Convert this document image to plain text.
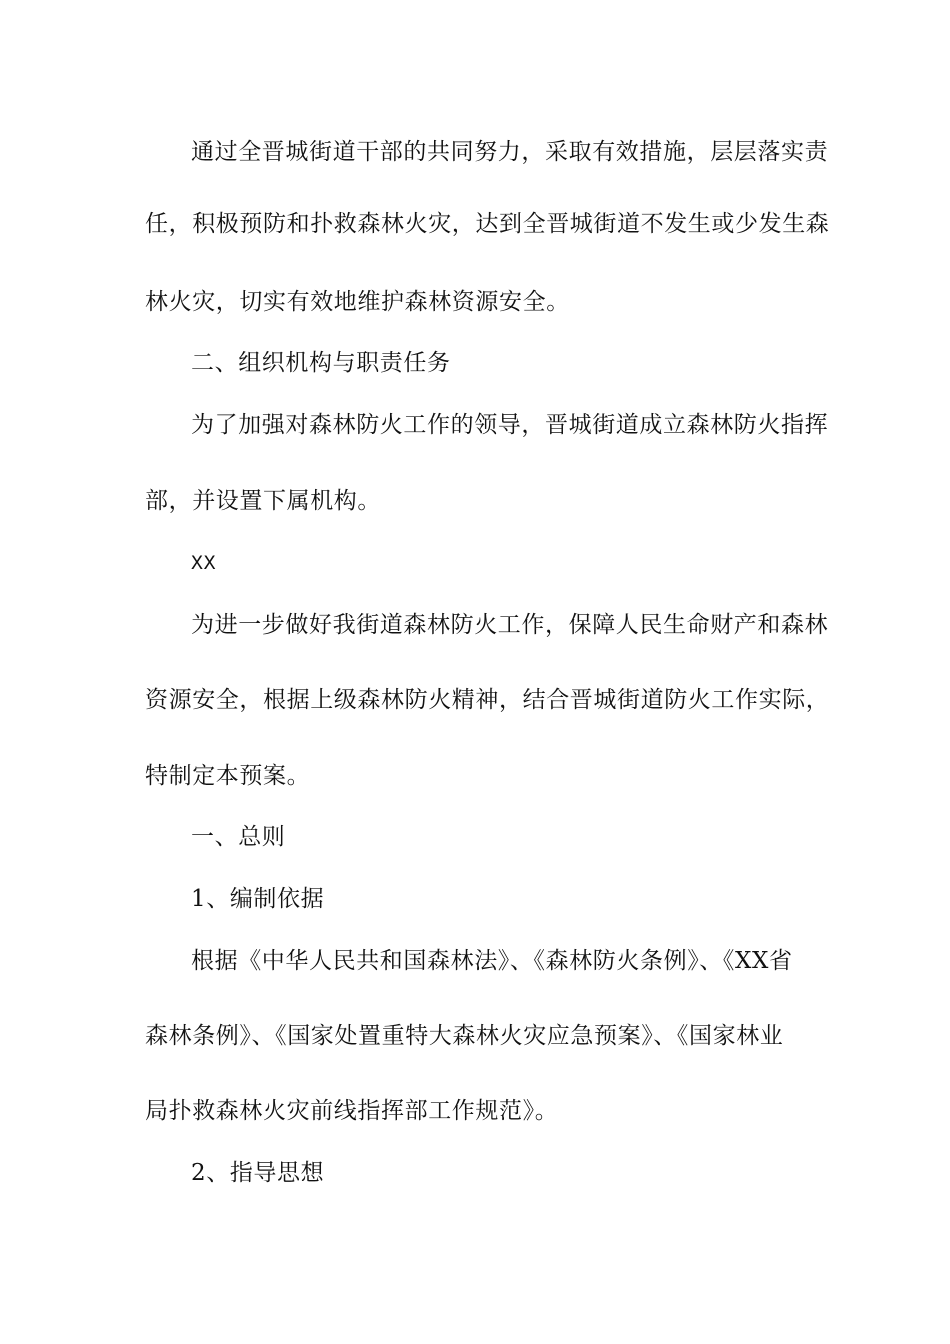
通过全晋城街道干部的共同努力，采取有效措施，层层落实责
任，积极预防和扑救森林火灾，达到全晋城街道不发生或少发生森
林火灾，切实有效地维护森林资源安全。
二、组织机构与职责任务
为了加强对森林防火工作的领导，晋城街道成立森林防火指挥
部，并设置下属机构。
XX
为进一步做好我街道森林防火工作，保障人民生命财产和森林
资源安全，根据上级森林防火精神，结合晋城街道防火工作实际，
特制定本预案。
一、总则
1、编制依据
根据《中华人民共和国森林法》、《森林防火条例》、《XX省
森林条例》、《国家处置重特大森林火灾应急预案》、《国家林业
局扑救森林火灾前线指挥部工作规范》。
2、指导思想
